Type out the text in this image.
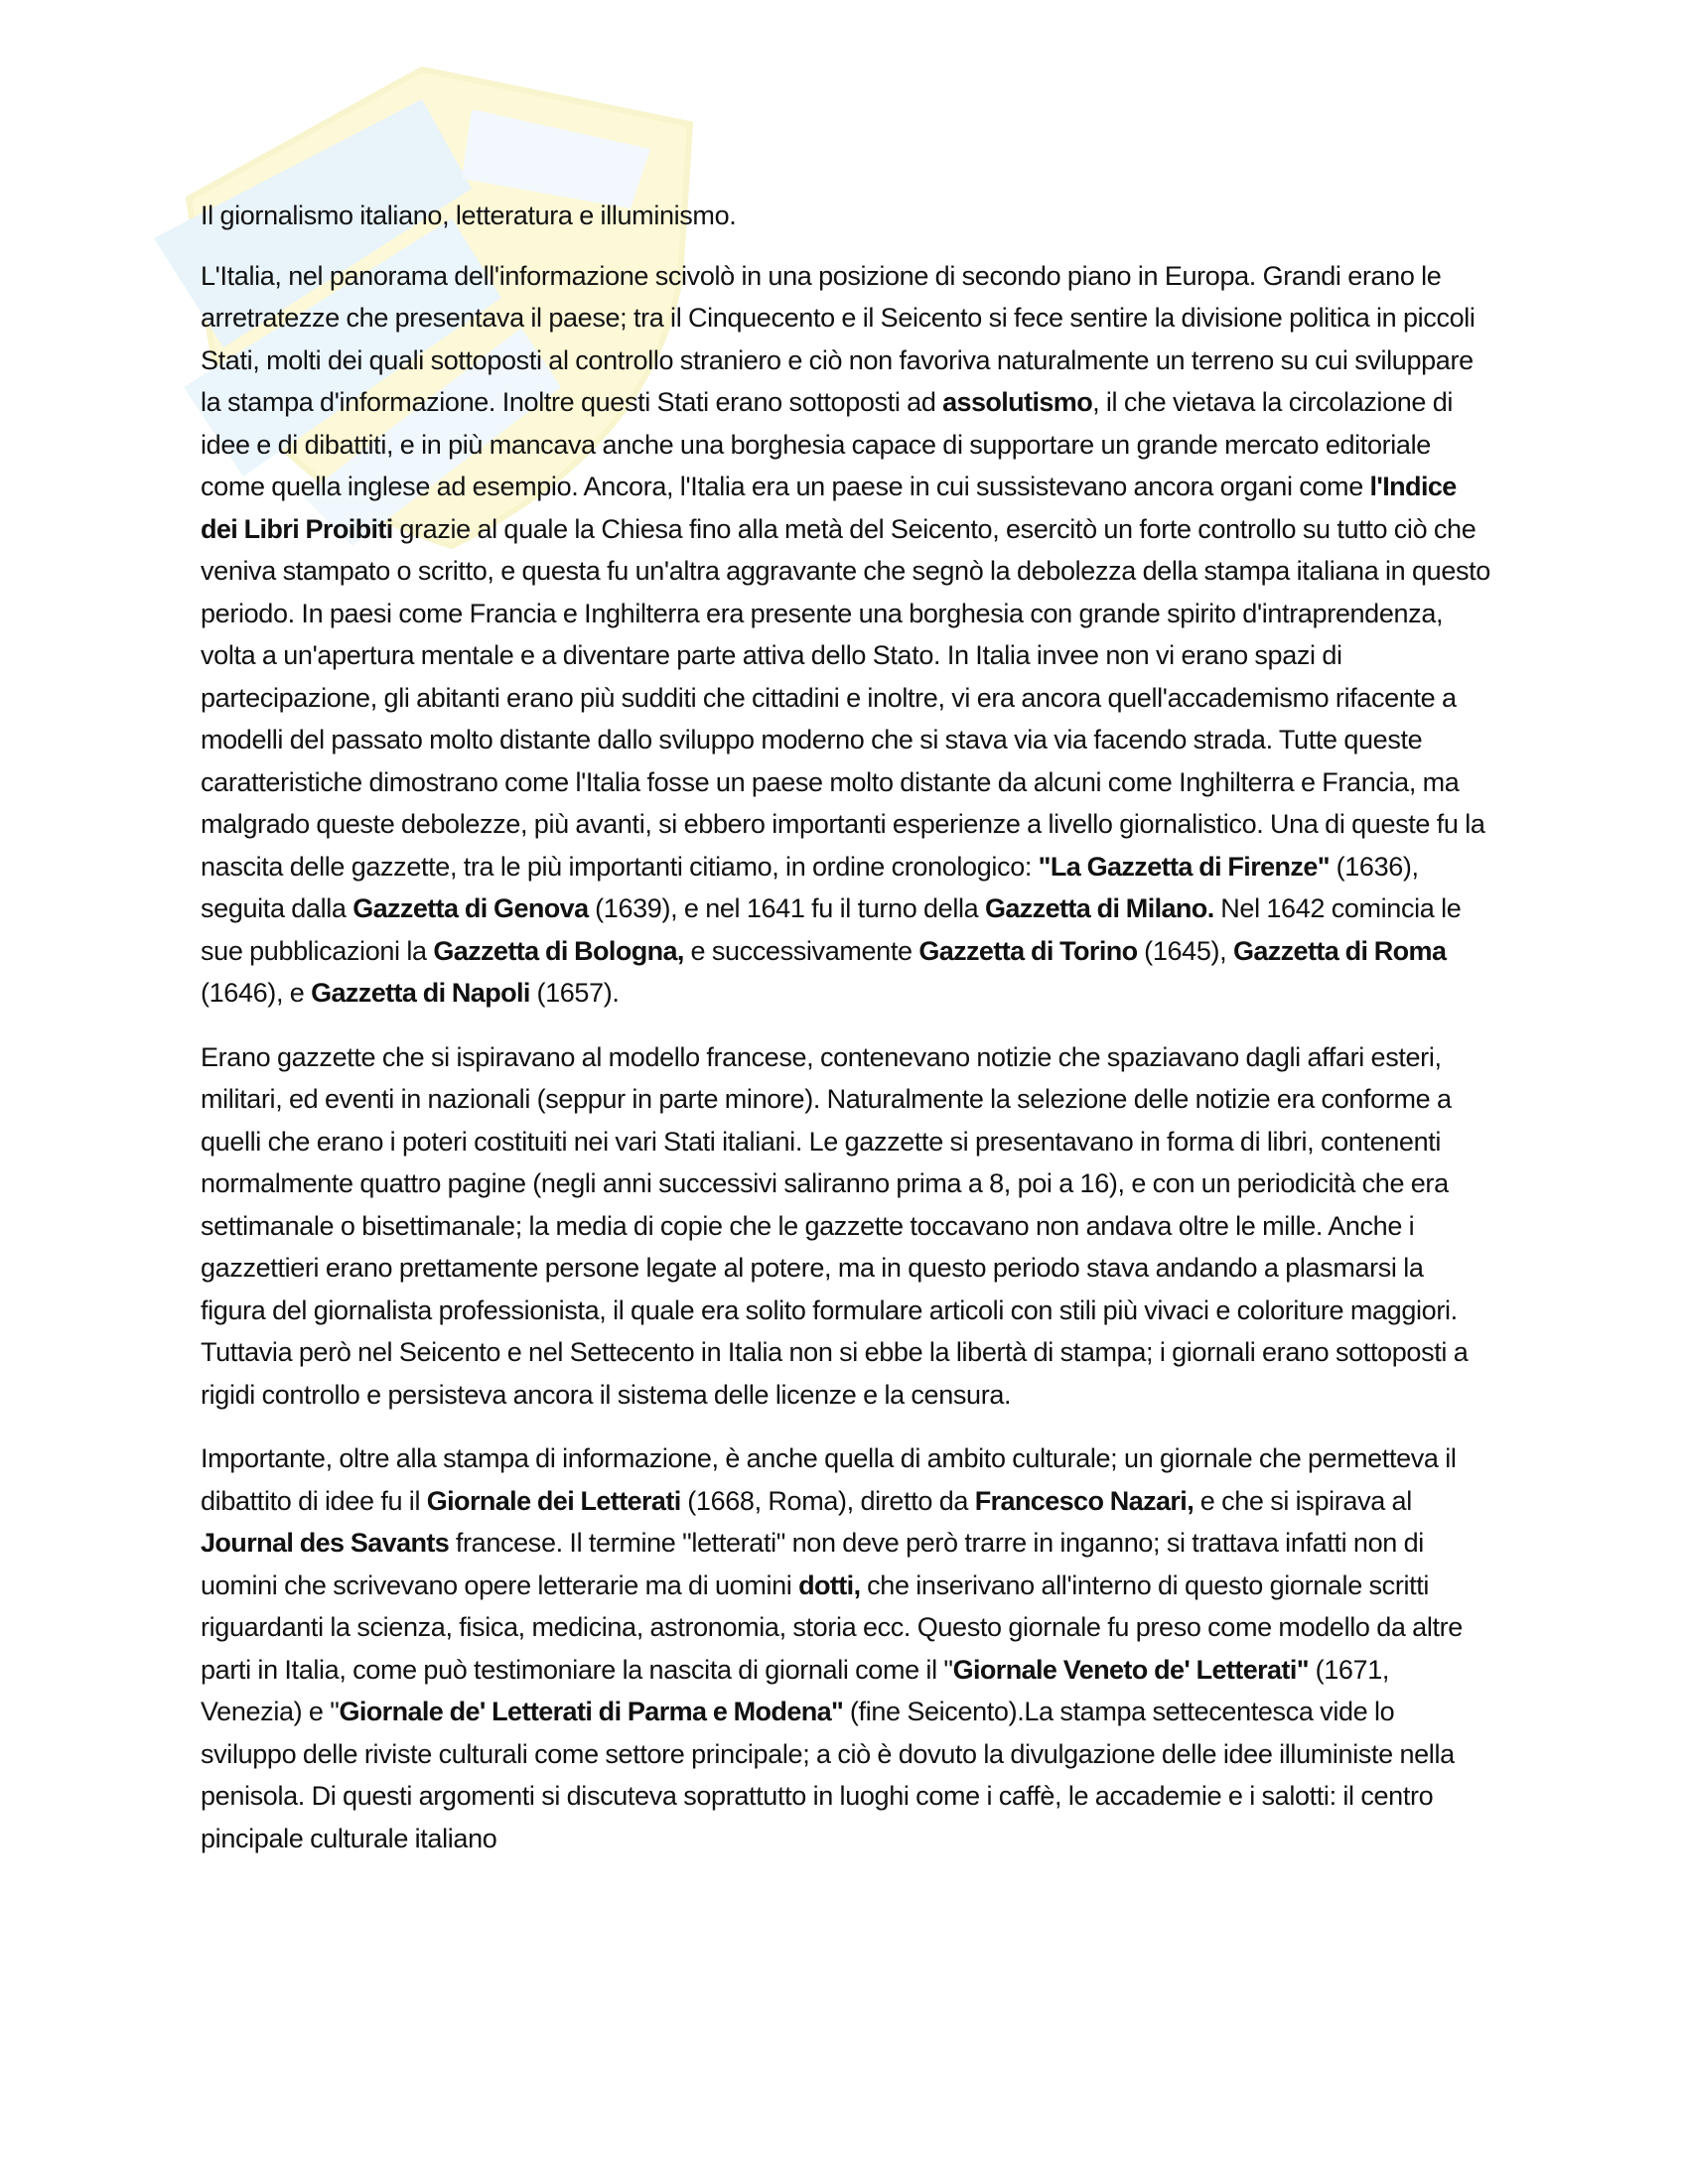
Il giornalismo italiano, letteratura e illuminismo.

L'Italia, nel panorama dell'informazione scivolò in una posizione di secondo piano in Europa. Grandi erano le arretratezze che presentava il paese; tra il Cinquecento e il Seicento si fece sentire la divisione politica in piccoli Stati, molti dei quali sottoposti al controllo straniero e ciò non favoriva naturalmente un terreno su cui sviluppare la stampa d'informazione. Inoltre questi Stati erano sottoposti ad assolutismo, il che vietava la circolazione di idee e di dibattiti, e in più mancava anche una borghesia capace di supportare un grande mercato editoriale come quella inglese ad esempio. Ancora, l'Italia era un paese in cui sussistevano ancora organi come l'Indice dei Libri Proibiti grazie al quale la Chiesa fino alla metà del Seicento, esercitò un forte controllo su tutto ciò che veniva stampato o scritto, e questa fu un'altra aggravante che segnò la debolezza della stampa italiana in questo periodo. In paesi come Francia e Inghilterra era presente una borghesia con grande spirito d'intraprendenza, volta a un'apertura mentale e a diventare parte attiva dello Stato. In Italia invee non vi erano spazi di partecipazione, gli abitanti erano più sudditi che cittadini e inoltre, vi era ancora quell'accademismo rifacente a modelli del passato molto distante dallo sviluppo moderno che si stava via via facendo strada. Tutte queste caratteristiche dimostrano come l'Italia fosse un paese molto distante da alcuni come Inghilterra e Francia, ma malgrado queste debolezze, più avanti, si ebbero importanti esperienze a livello giornalistico. Una di queste fu la nascita delle gazzette, tra le più importanti citiamo, in ordine cronologico: "La Gazzetta di Firenze" (1636), seguita dalla Gazzetta di Genova (1639), e nel 1641 fu il turno della Gazzetta di Milano. Nel 1642 comincia le sue pubblicazioni la Gazzetta di Bologna, e successivamente Gazzetta di Torino (1645), Gazzetta di Roma (1646), e Gazzetta di Napoli (1657).

Erano gazzette che si ispiravano al modello francese, contenevano notizie che spaziavano dagli affari esteri, militari, ed eventi in nazionali (seppur in parte minore). Naturalmente la selezione delle notizie era conforme a quelli che erano i poteri costituiti nei vari Stati italiani. Le gazzette si presentavano in forma di libri, contenenti normalmente quattro pagine (negli anni successivi saliranno prima a 8, poi a 16), e con un periodicità che era settimanale o bisettimanale; la media di copie che le gazzette toccavano non andava oltre le mille. Anche i gazzettieri erano prettamente persone legate al potere, ma in questo periodo stava andando a plasmarsi la figura del giornalista professionista, il quale era solito formulare articoli con stili più vivaci e coloriture maggiori. Tuttavia però nel Seicento e nel Settecento in Italia non si ebbe la libertà di stampa; i giornali erano sottoposti a rigidi controllo e persisteva ancora il sistema delle licenze e la censura.

Importante, oltre alla stampa di informazione, è anche quella di ambito culturale; un giornale che permetteva il dibattito di idee fu il Giornale dei Letterati (1668, Roma), diretto da Francesco Nazari, e che si ispirava al Journal des Savants francese. Il termine "letterati" non deve però trarre in inganno; si trattava infatti non di uomini che scrivevano opere letterarie ma di uomini dotti, che inserivano all'interno di questo giornale scritti riguardanti la scienza, fisica, medicina, astronomia, storia ecc. Questo giornale fu preso come modello da altre parti in Italia, come può testimoniare la nascita di giornali come il "Giornale Veneto de' Letterati" (1671, Venezia) e "Giornale de' Letterati di Parma e Modena" (fine Seicento).La stampa settecentesca vide lo sviluppo delle riviste culturali come settore principale; a ciò è dovuto la divulgazione delle idee illuministe nella penisola. Di questi argomenti si discuteva soprattutto in luoghi come i caffè, le accademie e i salotti: il centro pincipale culturale italiano
